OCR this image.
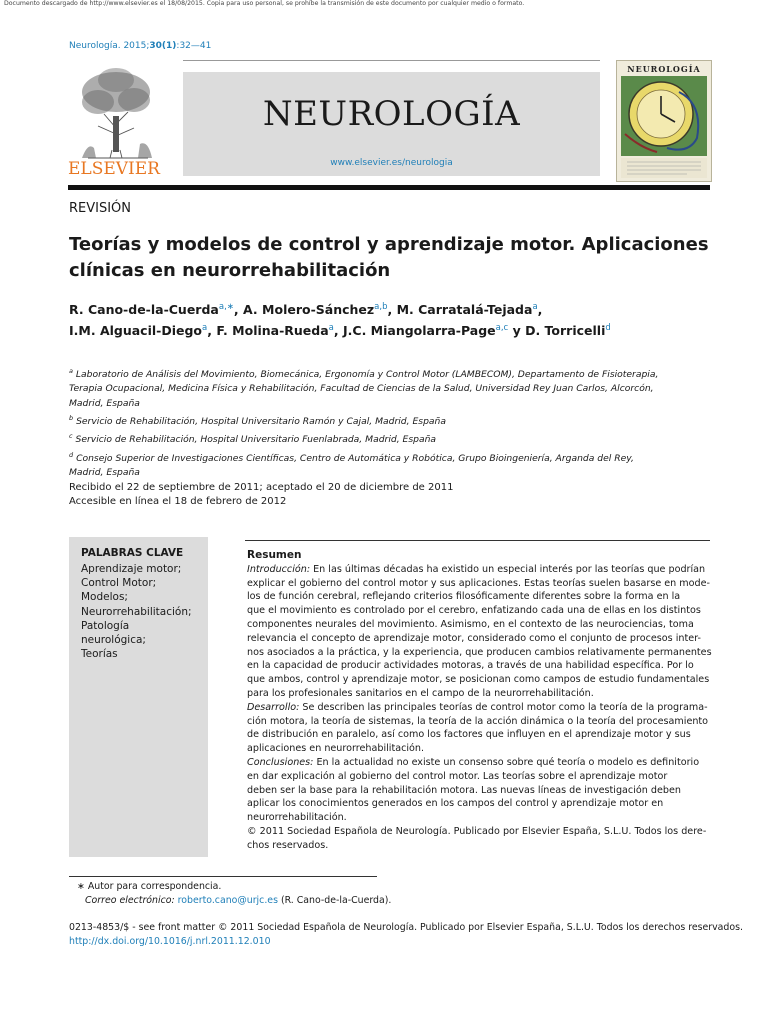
Documento descargado de http://www.elsevier.es el 18/08/2015. Copia para uso personal, se prohíbe la transmisión de este documento por cualquier medio o formato.
Neurología. 2015;30(1):32—41
ELSEVIER
NEUROLOGÍA
www.elsevier.es/neurologia
NEUROLOGÍA
REVISIÓN
Teorías y modelos de control y aprendizaje motor. Aplicaciones
clínicas en neurorrehabilitación
R. Cano-de-la-Cuerda$^{a,∗}$, A. Molero-Sánchez$^{a,b}$, M. Carratalá-Tejada$^a$,
I.M. Alguacil-Diego$^a$, F. Molina-Rueda$^a$, J.C. Miangolarra-Page$^{a,c}$ y D. Torricelli$^d$
$^a$ Laboratorio de Análisis del Movimiento, Biomecánica, Ergonomía y Control Motor (LAMBECOM), Departamento de Fisioterapia,
Terapia Ocupacional, Medicina Física y Rehabilitación, Facultad de Ciencias de la Salud, Universidad Rey Juan Carlos, Alcorcón,
Madrid, España
$^b$ Servicio de Rehabilitación, Hospital Universitario Ramón y Cajal, Madrid, España
$^c$ Servicio de Rehabilitación, Hospital Universitario Fuenlabrada, Madrid, España
$^d$ Consejo Superior de Investigaciones Científicas, Centro de Automática y Robótica, Grupo Bioingeniería, Arganda del Rey,
Madrid, España
Recibido el 22 de septiembre de 2011; aceptado el 20 de diciembre de 2011
Accesible en línea el 18 de febrero de 2012
PALABRAS CLAVE
Aprendizaje motor;
Control Motor;
Modelos;
Neurorrehabilitación;
Patología
neurológica;
Teorías
Resumen
Introducción: En las últimas décadas ha existido un especial interés por las teorías que podrían
explicar el gobierno del control motor y sus aplicaciones. Estas teorías suelen basarse en mode-
los de función cerebral, reflejando criterios filosóficamente diferentes sobre la forma en la
que el movimiento es controlado por el cerebro, enfatizando cada una de ellas en los distintos
componentes neurales del movimiento. Asimismo, en el contexto de las neurociencias, toma
relevancia el concepto de aprendizaje motor, considerado como el conjunto de procesos inter-
nos asociados a la práctica, y la experiencia, que producen cambios relativamente permanentes
en la capacidad de producir actividades motoras, a través de una habilidad específica. Por lo
que ambos, control y aprendizaje motor, se posicionan como campos de estudio fundamentales
para los profesionales sanitarios en el campo de la neurorrehabilitación.
Desarrollo: Se describen las principales teorías de control motor como la teoría de la programa-
ción motora, la teoría de sistemas, la teoría de la acción dinámica o la teoría del procesamiento
de distribución en paralelo, así como los factores que influyen en el aprendizaje motor y sus
aplicaciones en neurorrehabilitación.
Conclusiones: En la actualidad no existe un consenso sobre qué teoría o modelo es definitorio
en dar explicación al gobierno del control motor. Las teorías sobre el aprendizaje motor
deben ser la base para la rehabilitación motora. Las nuevas líneas de investigación deben
aplicar los conocimientos generados en los campos del control y aprendizaje motor en
neurorrehabilitación.
© 2011 Sociedad Española de Neurología. Publicado por Elsevier España, S.L.U. Todos los dere-
chos reservados.
∗ Autor para correspondencia.
Correo electrónico: roberto.cano@urjc.es (R. Cano-de-la-Cuerda).
0213-4853/$ - see front matter © 2011 Sociedad Española de Neurología. Publicado por Elsevier España, S.L.U. Todos los derechos reservados.
http://dx.doi.org/10.1016/j.nrl.2011.12.010
